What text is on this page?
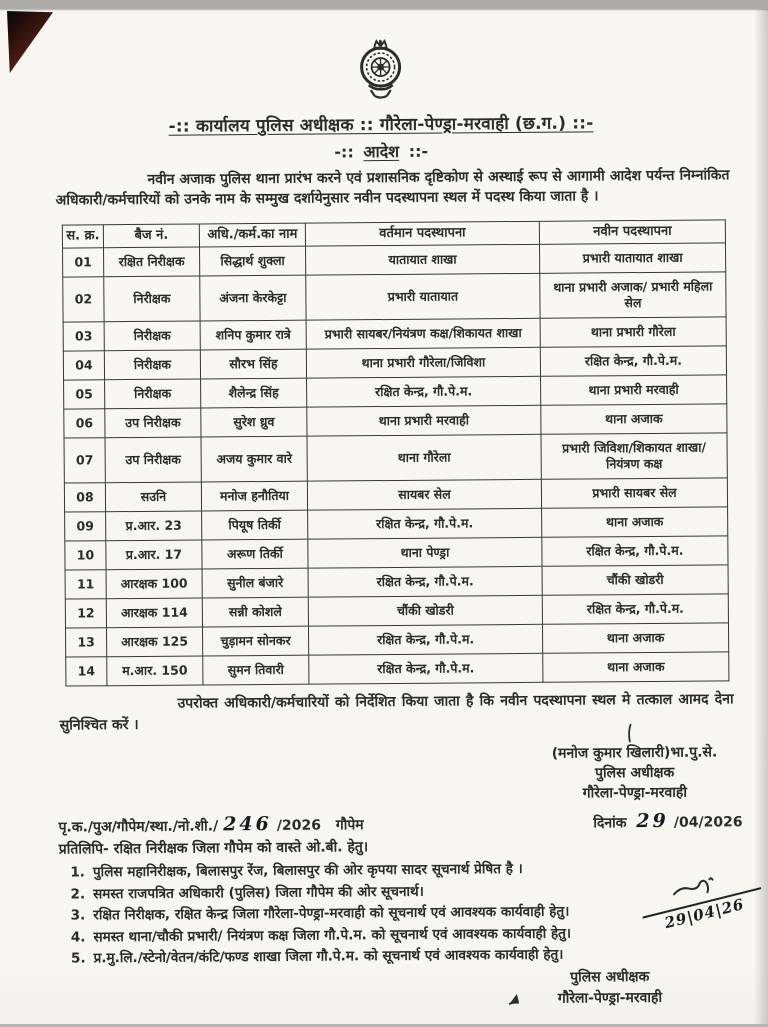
-:: कार्यालय पुलिस अधीक्षक :: गौरेला-पेण्ड्रा-मरवाही (छ.ग.) ::-
-:: आदेश ::-
नवीन अजाक पुलिस थाना प्रारंभ करने एवं प्रशासनिक दृष्टिकोण से अस्थाई रूप से आगामी आदेश पर्यन्त निम्नांकित अधिकारी/कर्मचारियों को उनके नाम के सम्मुख दर्शायेनुसार नवीन पदस्थापना स्थल में पदस्थ किया जाता है ।
स. क्र.	बैज नं.	अधि./कर्म.का नाम	वर्तमान पदस्थापना	नवीन पदस्थापना
01	रक्षित निरीक्षक	सिद्धार्थ शुक्ला	यातायात शाखा	प्रभारी यातायात शाखा
02	निरीक्षक	अंजना केरकेट्टा	प्रभारी यातायात	थाना प्रभारी अजाक/ प्रभारी महिला सेल
03	निरीक्षक	शनिप कुमार रात्रे	प्रभारी सायबर/नियंत्रण कक्ष/शिकायत शाखा	थाना प्रभारी गौरेला
04	निरीक्षक	सौरभ सिंह	थाना प्रभारी गौरेला/जिविशा	रक्षित केन्द्र, गौ.पे.म.
05	निरीक्षक	शैलेन्द्र सिंह	रक्षित केन्द्र, गौ.पे.म.	थाना प्रभारी मरवाही
06	उप निरीक्षक	सुरेश ध्रुव	थाना प्रभारी मरवाही	थाना अजाक
07	उप निरीक्षक	अजय कुमार वारे	थाना गौरेला	प्रभारी जिविशा/शिकायत शाखा/ नियंत्रण कक्ष
08	सउनि	मनोज हनौतिया	सायबर सेल	प्रभारी सायबर सेल
09	प्र.आर. 23	पियूष तिर्की	रक्षित केन्द्र, गौ.पे.म.	थाना अजाक
10	प्र.आर. 17	अरूण तिर्की	थाना पेण्ड्रा	रक्षित केन्द्र, गौ.पे.म.
11	आरक्षक 100	सुनील बंजारे	रक्षित केन्द्र, गौ.पे.म.	चौंकी खोडरी
12	आरक्षक 114	सन्नी कोशले	चौंकी खोडरी	रक्षित केन्द्र, गौ.पे.म.
13	आरक्षक 125	चुड़ामन सोनकर	रक्षित केन्द्र, गौ.पे.म.	थाना अजाक
14	म.आर. 150	सुमन तिवारी	रक्षित केन्द्र, गौ.पे.म.	थाना अजाक
उपरोक्त अधिकारी/कर्मचारियों को निर्देशित किया जाता है कि नवीन पदस्थापना स्थल मे तत्काल आमद देना सुनिश्चित करें ।
(मनोज कुमार खिलारी)भा.पु.से.
पुलिस अधीक्षक
गौरेला-पेण्ड्रा-मरवाही
पृ.क./पुअ/गौपेम/स्था./नो.शी./ 246 /2026 गौपेम	दिनांक 29 /04/2026
प्रतिलिपि- रक्षित निरीक्षक जिला गौपेम को वास्ते ओ.बी. हेतु।
1. पुलिस महानिरीक्षक, बिलासपुर रेंज, बिलासपुर की ओर कृपया सादर सूचनार्थ प्रेषित है ।
2. समस्त राजपत्रित अधिकारी (पुलिस) जिला गौपेम की ओर सूचनार्थ।
3. रक्षित निरीक्षक, रक्षित केन्द्र जिला गौरेला-पेण्ड्रा-मरवाही को सूचनार्थ एवं आवश्यक कार्यवाही हेतु।
4. समस्त थाना/चौकी प्रभारी/ नियंत्रण कक्ष जिला गौ.पे.म. को सूचनार्थ एवं आवश्यक कार्यवाही हेतु।
5. प्र.मु.लि./स्टेनो/वेतन/कंटि/फण्ड शाखा जिला गौ.पे.म. को सूचनार्थ एवं आवश्यक कार्यवाही हेतु।
पुलिस अधीक्षक
गौरेला-पेण्ड्रा-मरवाही
29|04|26
